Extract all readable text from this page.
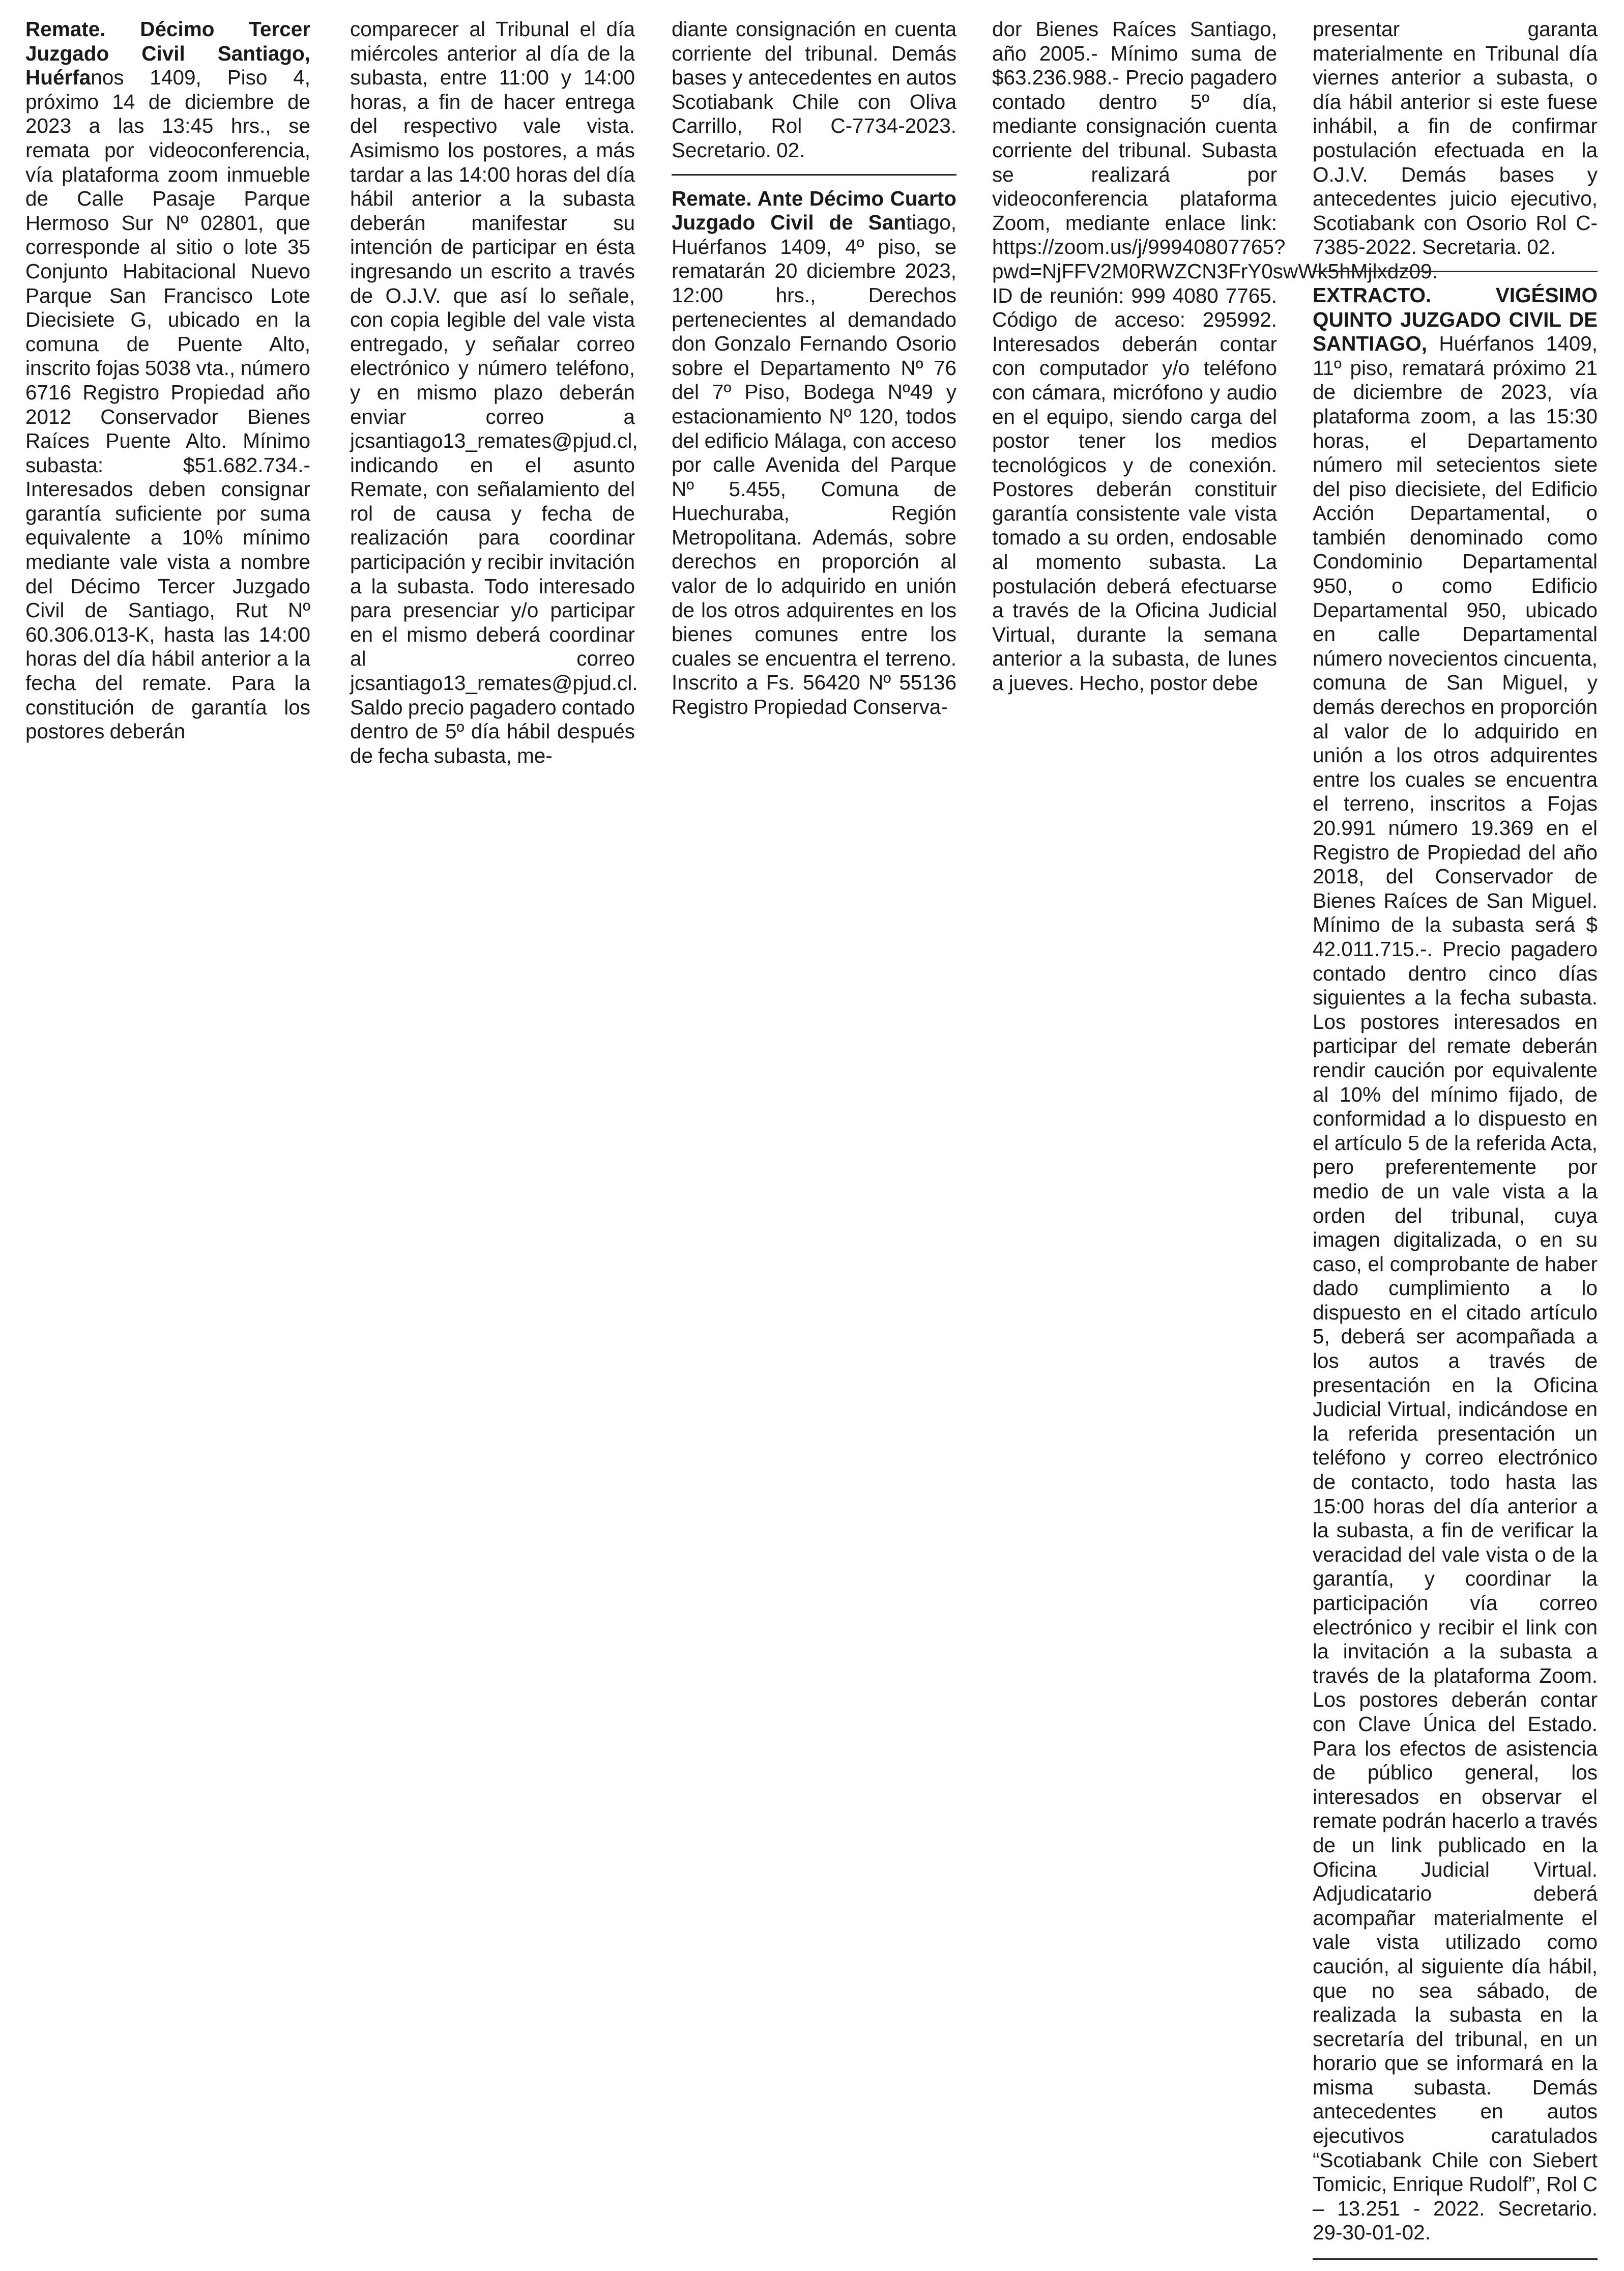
Remate. Décimo Tercer Juzgado Civil Santiago, Huérfanos 1409, Piso 4, próximo 14 de diciembre de 2023 a las 13:45 hrs., se remata por videoconferencia, vía plataforma zoom inmueble de Calle Pasaje Parque Hermoso Sur Nº 02801, que corresponde al sitio o lote 35 Conjunto Habitacional Nuevo Parque San Francisco Lote Diecisiete G, ubicado en la comuna de Puente Alto, inscrito fojas 5038 vta., número 6716 Registro Propiedad año 2012 Conservador Bienes Raíces Puente Alto. Mínimo subasta: $51.682.734.- Interesados deben consignar garantía suficiente por suma equivalente a 10% mínimo mediante vale vista a nombre del Décimo Tercer Juzgado Civil de Santiago, Rut Nº 60.306.013-K, hasta las 14:00 horas del día hábil anterior a la fecha del remate. Para la constitución de garantía los postores deberán

comparecer al Tribunal el día miércoles anterior al día de la subasta, entre 11:00 y 14:00 horas, a fin de hacer entrega del respectivo vale vista. Asimismo los postores, a más tardar a las 14:00 horas del día hábil anterior a la subasta deberán manifestar su intención de participar en ésta ingresando un escrito a través de O.J.V. que así lo señale, con copia legible del vale vista entregado, y señalar correo electrónico y número teléfono, y en mismo plazo deberán enviar correo a jcsantiago13_remates@pjud.cl, indicando en el asunto Remate, con señalamiento del rol de causa y fecha de realización para coordinar participación y recibir invitación a la subasta. Todo interesado para presenciar y/o participar en el mismo deberá coordinar al correo jcsantiago13_remates@pjud.cl. Saldo precio pagadero contado dentro de 5º día hábil después de fecha subasta, me-

diante consignación en cuenta corriente del tribunal. Demás bases y antecedentes en autos Scotiabank Chile con Oliva Carrillo, Rol C-7734-2023. Secretario. 02.

Remate. Ante Décimo Cuarto Juzgado Civil de Santiago, Huérfanos 1409, 4º piso, se rematarán 20 diciembre 2023, 12:00 hrs., Derechos pertenecientes al demandado don Gonzalo Fernando Osorio sobre el Departamento Nº 76 del 7º Piso, Bodega Nº49 y estacionamiento Nº 120, todos del edificio Málaga, con acceso por calle Avenida del Parque Nº 5.455, Comuna de Huechuraba, Región Metropolitana. Además, sobre derechos en proporción al valor de lo adquirido en unión de los otros adquirentes en los bienes comunes entre los cuales se encuentra el terreno. Inscrito a Fs. 56420 Nº 55136 Registro Propiedad Conserva-

dor Bienes Raíces Santiago, año 2005.- Mínimo suma de $63.236.988.- Precio pagadero contado dentro 5º día, mediante consignación cuenta corriente del tribunal. Subasta se realizará por videoconferencia plataforma Zoom, mediante enlace link: https://zoom.us/j/99940807765?pwd=NjFFV2M0RWZCN3FrY0swWk5hMjlxdz09. ID de reunión: 999 4080 7765. Código de acceso: 295992. Interesados deberán contar con computador y/o teléfono con cámara, micrófono y audio en el equipo, siendo carga del postor tener los medios tecnológicos y de conexión. Postores deberán constituir garantía consistente vale vista tomado a su orden, endosable al momento subasta. La postulación deberá efectuarse a través de la Oficina Judicial Virtual, durante la semana anterior a la subasta, de lunes a jueves. Hecho, postor debe

presentar garanta materialmente en Tribunal día viernes anterior a subasta, o día hábil anterior si este fuese inhábil, a fin de confirmar postulación efectuada en la O.J.V. Demás bases y antecedentes juicio ejecutivo, Scotiabank con Osorio Rol C-7385-2022. Secretaria. 02.

EXTRACTO. VIGÉSIMO QUINTO JUZGADO CIVIL DE SANTIAGO, Huérfanos 1409, 11º piso, rematará próximo 21 de diciembre de 2023, vía plataforma zoom, a las 15:30 horas, el Departamento número mil setecientos siete del piso diecisiete, del Edificio Acción Departamental, o también denominado como Condominio Departamental 950, o como Edificio Departamental 950, ubicado en calle Departamental número novecientos cincuenta, comuna de San Miguel, y demás derechos en proporción al valor de lo adquirido en unión a los otros adquirentes entre los cuales se encuentra el terreno, inscritos a Fojas 20.991 número 19.369 en el Registro de Propiedad del año 2018, del Conservador de Bienes Raíces de San Miguel. Mínimo de la subasta será $ 42.011.715.-. Precio pagadero contado dentro cinco días siguientes a la fecha subasta. Los postores interesados en participar del remate deberán rendir caución por equivalente al 10% del mínimo fijado, de conformidad a lo dispuesto en el artículo 5 de la referida Acta, pero preferentemente por medio de un vale vista a la orden del tribunal, cuya imagen digitalizada, o en su caso, el comprobante de haber dado cumplimiento a lo dispuesto en el citado artículo 5, deberá ser acompañada a los autos a través de presentación en la Oficina Judicial Virtual, indicándose en la referida presentación un teléfono y correo electrónico de contacto, todo hasta las 15:00 horas del día anterior a la subasta, a fin de verificar la veracidad del vale vista o de la garantía, y coordinar la participación vía correo electrónico y recibir el link con la invitación a la subasta a través de la plataforma Zoom. Los postores deberán contar con Clave Única del Estado. Para los efectos de asistencia de público general, los interesados en observar el remate podrán hacerlo a través de un link publicado en la Oficina Judicial Virtual. Adjudicatario deberá acompañar materialmente el vale vista utilizado como caución, al siguiente día hábil, que no sea sábado, de realizada la subasta en la secretaría del tribunal, en un horario que se informará en la misma subasta. Demás antecedentes en autos ejecutivos caratulados “Scotiabank Chile con Siebert Tomicic, Enrique Rudolf”, Rol C – 13.251 - 2022. Secretario. 29-30-01-02.
